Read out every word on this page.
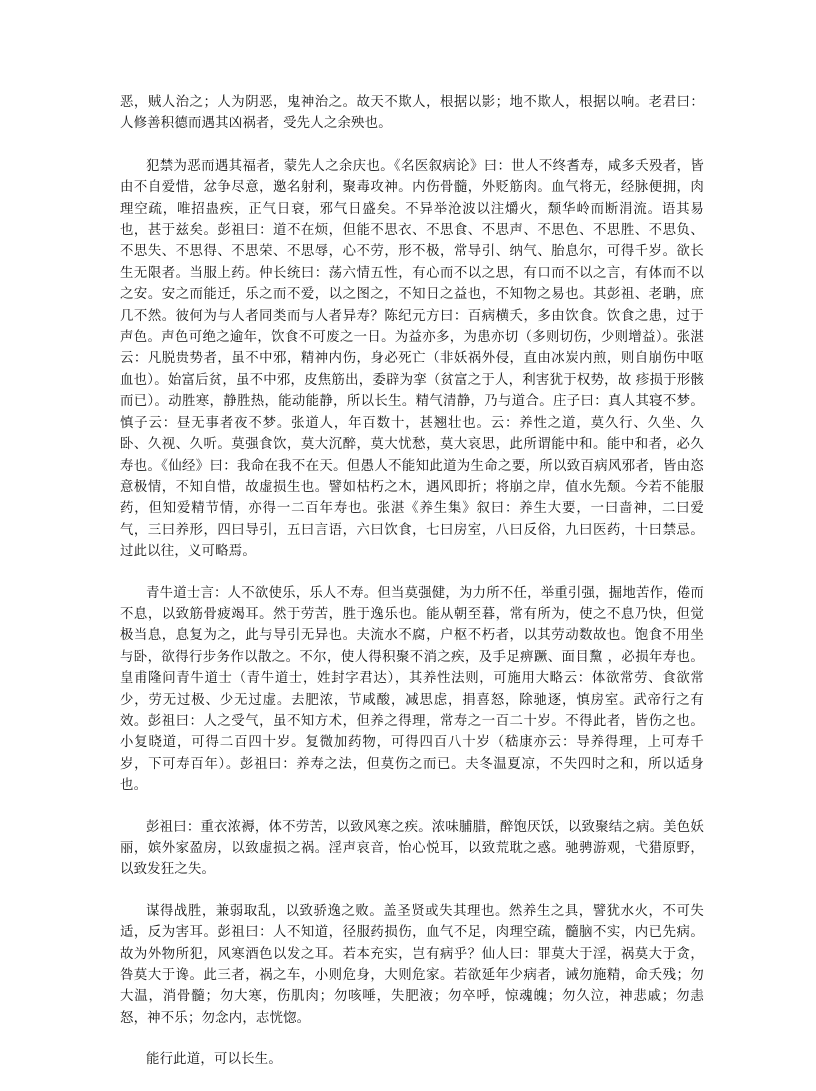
恶，贼人治之；人为阴恶，鬼神治之。故天不欺人，根据以影；地不欺人，根据以响。老君曰：人修善积德而遇其凶祸者，受先人之余殃也。

犯禁为恶而遇其福者，蒙先人之余庆也。《名医叙病论》曰：世人不终耆寿，咸多夭殁者，皆由不自爱惜，忿争尽意，邀名射利，聚毒攻神。内伤骨髓，外贬筋肉。血气将无，经脉便拥，肉理空疏，唯招蛊疾，正气日衰，邪气日盛矣。不异举沧波以注爝火，颓华岭而断涓流。语其易也，甚于兹矣。彭祖曰：道不在烦，但能不思衣、不思食、不思声、不思色、不思胜、不思负、不思失、不思得、不思荣、不思辱，心不劳，形不极，常导引、纳气、胎息尔，可得千岁。欲长生无限者。当服上药。仲长统曰：荡六情五性，有心而不以之思，有口而不以之言，有体而不以之安。安之而能迁，乐之而不爱，以之图之，不知日之益也，不知物之易也。其彭祖、老聃，庶几不然。彼何为与人者同类而与人者异寿？陈纪元方曰：百病横夭，多由饮食。饮食之患，过于声色。声色可绝之逾年，饮食不可废之一日。为益亦多，为患亦切（多则切伤，少则增益）。张湛云：凡脱贵势者，虽不中邪，精神内伤，身必死亡（非妖祸外侵，直由冰炭内煎，则自崩伤中呕血也）。始富后贫，虽不中邪，皮焦筋出，委辟为挛（贫富之于人，利害犹于权势，故 疹损于形骸而已）。动胜寒，静胜热，能动能静，所以长生。精气清静，乃与道合。庄子曰：真人其寝不梦。慎子云：昼无事者夜不梦。张道人，年百数十，甚翘壮也。云：养性之道，莫久行、久坐、久卧、久视、久听。莫强食饮，莫大沉醉，莫大忧愁，莫大哀思，此所谓能中和。能中和者，必久寿也。《仙经》曰：我命在我不在天。但愚人不能知此道为生命之要，所以致百病风邪者，皆由恣意极情，不知自惜，故虚损生也。譬如枯朽之木，遇风即折；将崩之岸，值水先颓。今若不能服药，但知爱精节情，亦得一二百年寿也。张湛《养生集》叙曰：养生大要，一曰啬神，二曰爱气，三曰养形，四曰导引，五曰言语，六曰饮食，七曰房室，八曰反俗，九曰医药，十曰禁忌。过此以往，义可略焉。

青牛道士言：人不欲使乐，乐人不寿。但当莫强健，为力所不任，举重引强，掘地苦作，倦而不息，以致筋骨疲竭耳。然于劳苦，胜于逸乐也。能从朝至暮，常有所为，使之不息乃快，但觉极当息，息复为之，此与导引无异也。夫流水不腐，户枢不朽者，以其劳动数故也。饱食不用坐与卧，欲得行步务作以散之。不尔，使人得积聚不消之疾，及手足痹蹶、面目黧 ，必损年寿也。皇甫隆问青牛道士（青牛道士，姓封字君达），其养性法则，可施用大略云：体欲常劳、食欲常少，劳无过极、少无过虚。去肥浓，节咸酸，减思虑，捐喜怒，除驰逐，慎房室。武帝行之有效。彭祖曰：人之受气，虽不知方术，但养之得理，常寿之一百二十岁。不得此者，皆伤之也。小复晓道，可得二百四十岁。复微加药物，可得四百八十岁（嵇康亦云：导养得理，上可寿千岁，下可寿百年）。彭祖曰：养寿之法，但莫伤之而已。夫冬温夏凉，不失四时之和，所以适身也。

彭祖曰：重衣浓褥，体不劳苦，以致风寒之疾。浓味脯腊，醉饱厌饫，以致聚结之病。美色妖丽，嫔外家盈房，以致虚损之祸。淫声哀音，怡心悦耳，以致荒耽之惑。驰骋游观，弋猎原野，以致发狂之失。

谋得战胜，兼弱取乱，以致骄逸之败。盖圣贤或失其理也。然养生之具，譬犹水火，不可失适，反为害耳。彭祖曰：人不知道，径服药损伤，血气不足，肉理空疏，髓脑不实，内已先病。故为外物所犯，风寒酒色以发之耳。若本充实，岂有病乎？仙人曰：罪莫大于淫，祸莫大于贪，咎莫大于谗。此三者，祸之车，小则危身，大则危家。若欲延年少病者，诫勿施精，命夭残；勿大温，消骨髓；勿大寒，伤肌肉；勿咳唾，失肥液；勿卒呼，惊魂魄；勿久泣，神悲戚；勿恚怒，神不乐；勿念内，志恍惚。

能行此道，可以长生。
